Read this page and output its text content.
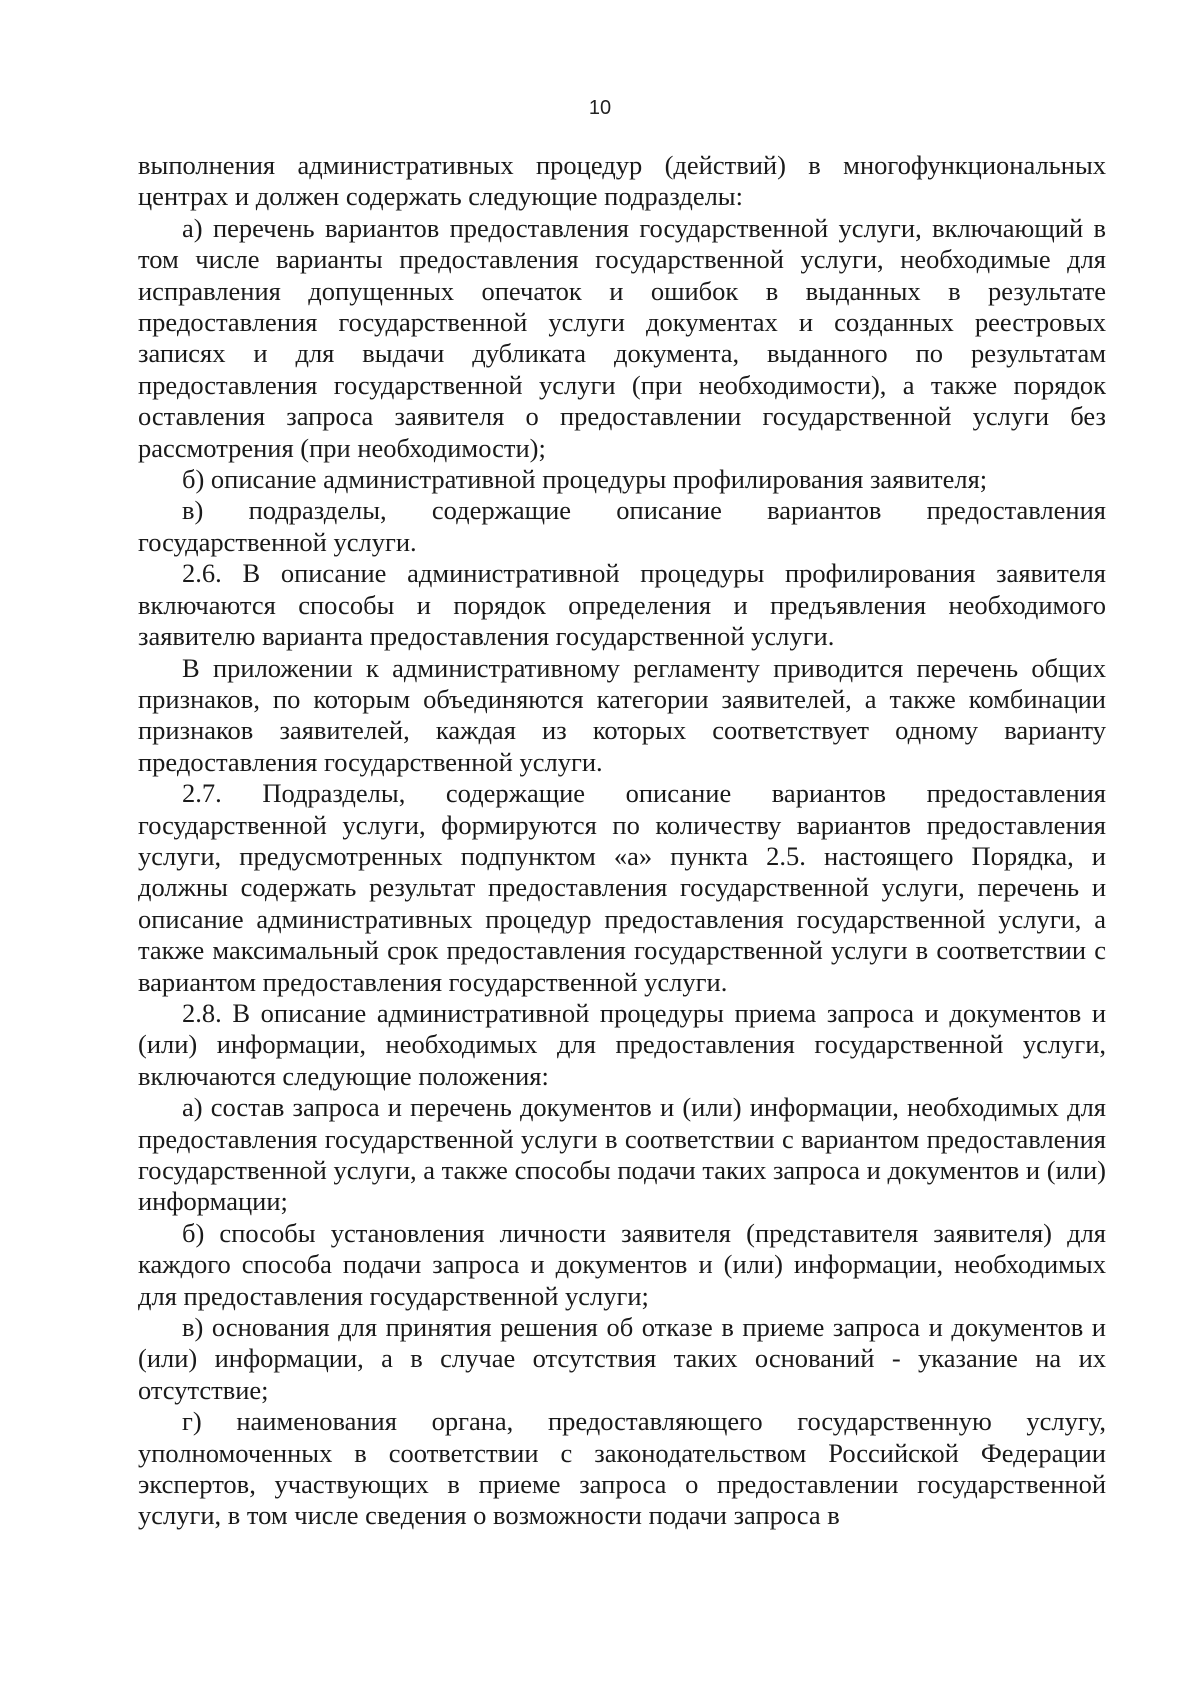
10

выполнения административных процедур (действий) в многофункциональных центрах и должен содержать следующие подразделы:

а) перечень вариантов предоставления государственной услуги, включающий в том числе варианты предоставления государственной услуги, необходимые для исправления допущенных опечаток и ошибок в выданных в результате предоставления государственной услуги документах и созданных реестровых записях и для выдачи дубликата документа, выданного по результатам предоставления государственной услуги (при необходимости), а также порядок оставления запроса заявителя о предоставлении государственной услуги без рассмотрения (при необходимости);

б) описание административной процедуры профилирования заявителя;

в) подразделы, содержащие описание вариантов предоставления государственной услуги.

2.6. В описание административной процедуры профилирования заявителя включаются способы и порядок определения и предъявления необходимого заявителю варианта предоставления государственной услуги.

В приложении к административному регламенту приводится перечень общих признаков, по которым объединяются категории заявителей, а также комбинации признаков заявителей, каждая из которых соответствует одному варианту предоставления государственной услуги.

2.7. Подразделы, содержащие описание вариантов предоставления государственной услуги, формируются по количеству вариантов предоставления услуги, предусмотренных подпунктом «а» пункта 2.5. настоящего Порядка, и должны содержать результат предоставления государственной услуги, перечень и описание административных процедур предоставления государственной услуги, а также максимальный срок предоставления государственной услуги в соответствии с вариантом предоставления государственной услуги.

2.8. В описание административной процедуры приема запроса и документов и (или) информации, необходимых для предоставления государственной услуги, включаются следующие положения:

а) состав запроса и перечень документов и (или) информации, необходимых для предоставления государственной услуги в соответствии с вариантом предоставления государственной услуги, а также способы подачи таких запроса и документов и (или) информации;

б) способы установления личности заявителя (представителя заявителя) для каждого способа подачи запроса и документов и (или) информации, необходимых для предоставления государственной услуги;

в) основания для принятия решения об отказе в приеме запроса и документов и (или) информации, а в случае отсутствия таких оснований - указание на их отсутствие;

г) наименования органа, предоставляющего государственную услугу, уполномоченных в соответствии с законодательством Российской Федерации экспертов, участвующих в приеме запроса о предоставлении государственной услуги, в том числе сведения о возможности подачи запроса в
